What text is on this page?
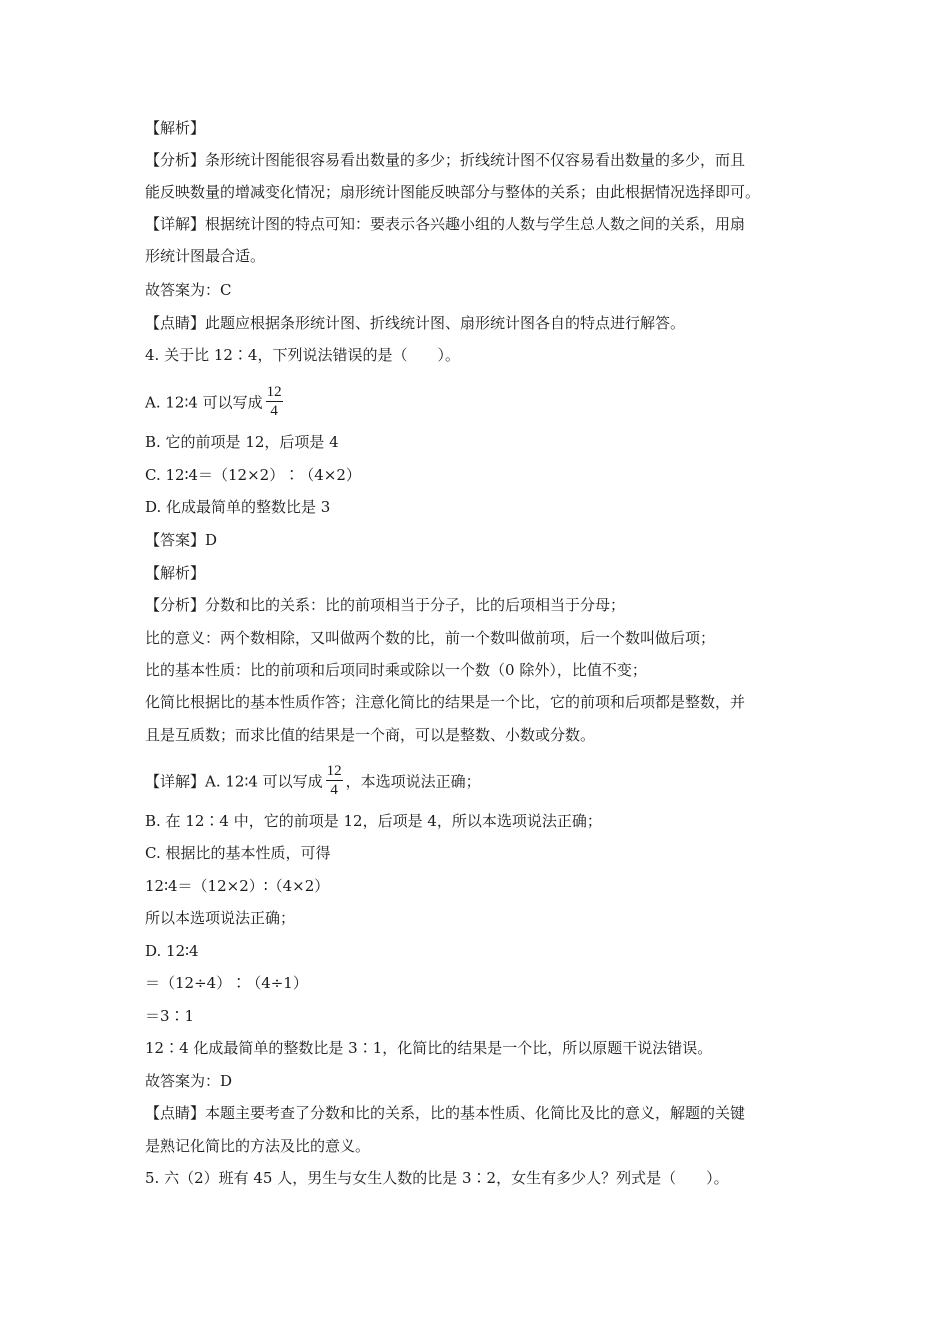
【解析】
【分析】条形统计图能很容易看出数量的多少；折线统计图不仅容易看出数量的多少，而且
能反映数量的增减变化情况；扇形统计图能反映部分与整体的关系；由此根据情况选择即可。
【详解】根据统计图的特点可知：要表示各兴趣小组的人数与学生总人数之间的关系，用扇
形统计图最合适。
故答案为：C
【点睛】此题应根据条形统计图、折线统计图、扇形统计图各自的特点进行解答。
4. 关于比 12∶4，下列说法错误的是（　　）。
A. 12∶4 可以写成 $\frac{12}{4}$
B. 它的前项是 12，后项是 4
C. 12∶4＝（12×2）∶（4×2）
D. 化成最简单的整数比是 3
【答案】D
【解析】
【分析】分数和比的关系：比的前项相当于分子，比的后项相当于分母；
比的意义：两个数相除，又叫做两个数的比，前一个数叫做前项，后一个数叫做后项；
比的基本性质：比的前项和后项同时乘或除以一个数（0 除外），比值不变；
化简比根据比的基本性质作答；注意化简比的结果是一个比，它的前项和后项都是整数，并
且是互质数；而求比值的结果是一个商，可以是整数、小数或分数。
【详解】A. 12∶4 可以写成 $\frac{12}{4}$ ，本选项说法正确；
B. 在 12∶4 中，它的前项是 12，后项是 4，所以本选项说法正确；
C. 根据比的基本性质，可得
12∶4＝（12×2）∶（4×2）
所以本选项说法正确；
D. 12∶4
＝（12÷4）∶（4÷1）
＝3∶1
12∶4 化成最简单的整数比是 3∶1，化简比的结果是一个比，所以原题干说法错误。
故答案为：D
【点睛】本题主要考查了分数和比的关系，比的基本性质、化简比及比的意义，解题的关键
是熟记化简比的方法及比的意义。
5. 六（2）班有 45 人，男生与女生人数的比是 3∶2，女生有多少人？列式是（　　）。
